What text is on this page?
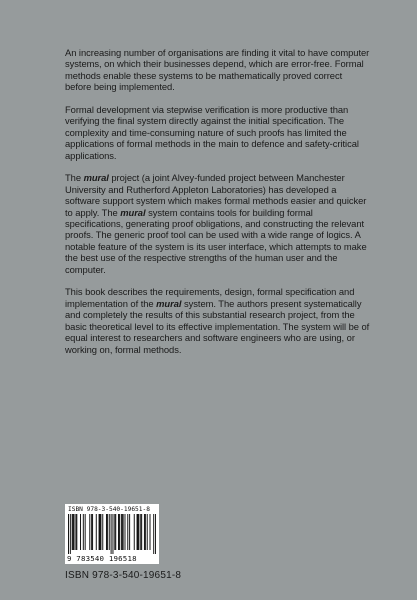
An increasing number of organisations are finding it vital to have computer systems, on which their businesses depend, which are error-free. Formal methods enable these systems to be mathematically proved correct before being implemented.

Formal development via stepwise verification is more productive than verifying the final system directly against the initial specification. The complexity and time-consuming nature of such proofs has limited the applications of formal methods in the main to defence and safety-critical applications.

The mural project (a joint Alvey-funded project between Manchester University and Rutherford Appleton Laboratories) has developed a software support system which makes formal methods easier and quicker to apply. The mural system contains tools for building formal specifications, generating proof obligations, and constructing the relevant proofs. The generic proof tool can be used with a wide range of logics. A notable feature of the system is its user interface, which attempts to make the best use of the respective strengths of the human user and the computer.

This book describes the requirements, design, formal specification and implementation of the mural system. The authors present systematically and completely the results of this substantial research project, from the basic theoretical level to its effective implementation. The system will be of equal interest to researchers and software engineers who are using, or working on, formal methods.

ISBN 978-3-540-19651-8
9 783540 196518
ISBN 978-3-540-19651-8
